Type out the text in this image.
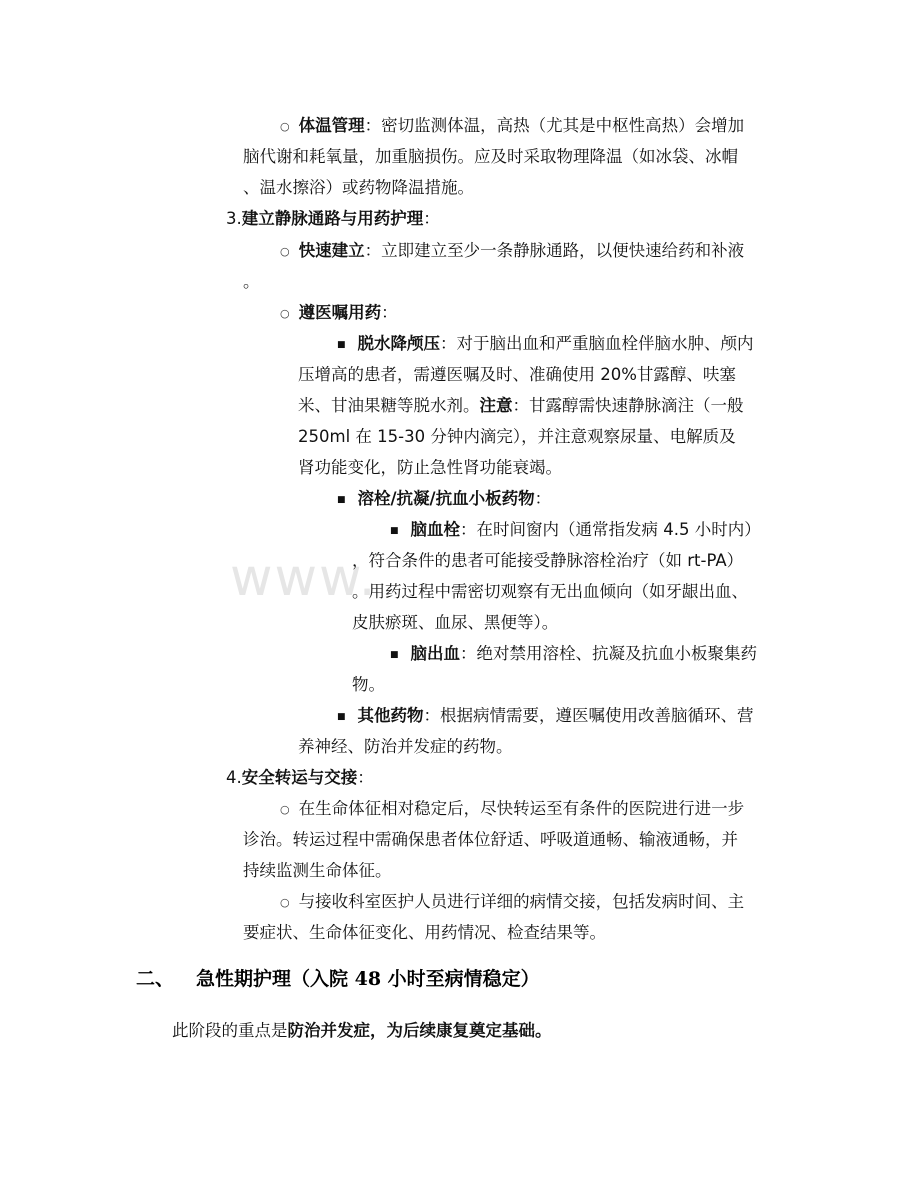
www.
○ 体温管理：密切监测体温，高热（尤其是中枢性高热）会增加
脑代谢和耗氧量，加重脑损伤。应及时采取物理降温（如冰袋、冰帽
、温水擦浴）或药物降温措施。
3.建立静脉通路与用药护理：
○ 快速建立：立即建立至少一条静脉通路，以便快速给药和补液
。
○ 遵医嘱用药：
■ 脱水降颅压：对于脑出血和严重脑血栓伴脑水肿、颅内
压增高的患者，需遵医嘱及时、准确使用 20%甘露醇、呋塞
米、甘油果糖等脱水剂。注意：甘露醇需快速静脉滴注（一般
250ml 在 15-30 分钟内滴完），并注意观察尿量、电解质及
肾功能变化，防止急性肾功能衰竭。
■ 溶栓/抗凝/抗血小板药物：
■ 脑血栓：在时间窗内（通常指发病 4.5 小时内）
，符合条件的患者可能接受静脉溶栓治疗（如 rt-PA）
。用药过程中需密切观察有无出血倾向（如牙龈出血、
皮肤瘀斑、血尿、黑便等）。
■ 脑出血：绝对禁用溶栓、抗凝及抗血小板聚集药
物。
■ 其他药物：根据病情需要，遵医嘱使用改善脑循环、营
养神经、防治并发症的药物。
4.安全转运与交接：
○ 在生命体征相对稳定后，尽快转运至有条件的医院进行进一步
诊治。转运过程中需确保患者体位舒适、呼吸道通畅、输液通畅，并
持续监测生命体征。
○ 与接收科室医护人员进行详细的病情交接，包括发病时间、主
要症状、生命体征变化、用药情况、检查结果等。
二、 急性期护理（入院 48 小时至病情稳定）
此阶段的重点是防治并发症，为后续康复奠定基础。
